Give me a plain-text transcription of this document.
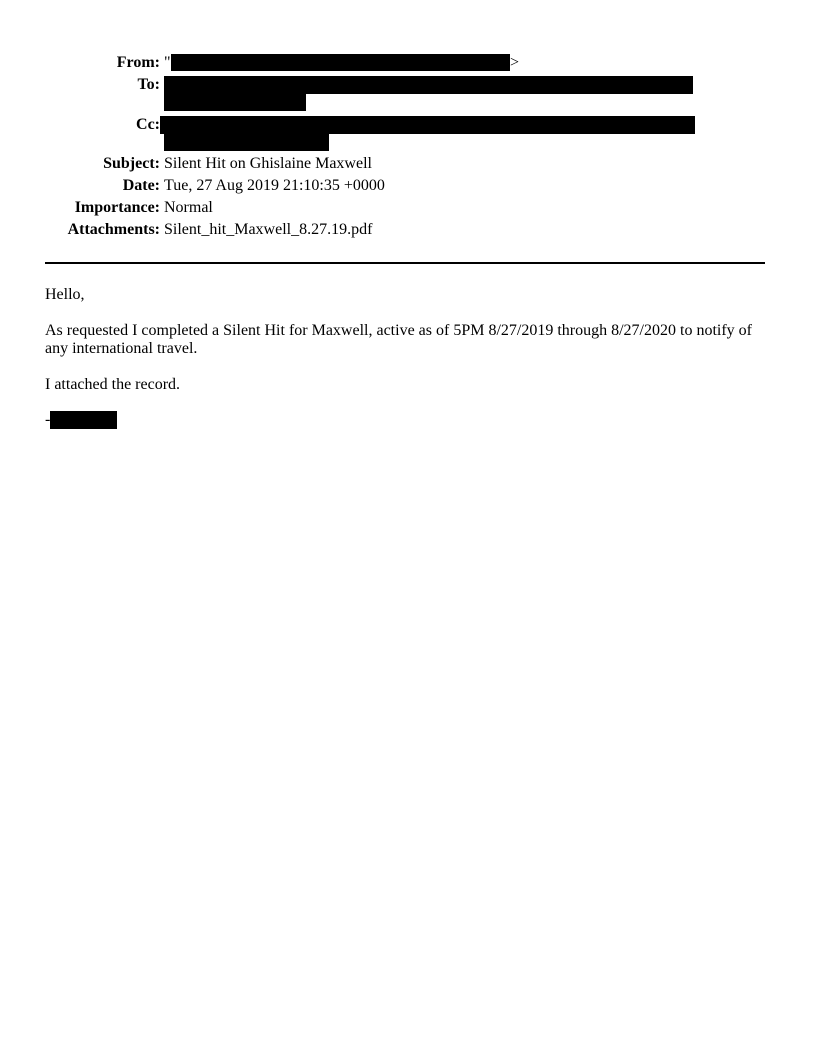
From: "	>
To:
Cc:
Subject: Silent Hit on Ghislaine Maxwell
Date: Tue, 27 Aug 2019 21:10:35 +0000
Importance: Normal
Attachments: Silent_hit_Maxwell_8.27.19.pdf
Hello,
As requested I completed a Silent Hit for Maxwell, active as of 5PM 8/27/2019 through 8/27/2020 to notify of any international travel.
I attached the record.
-
